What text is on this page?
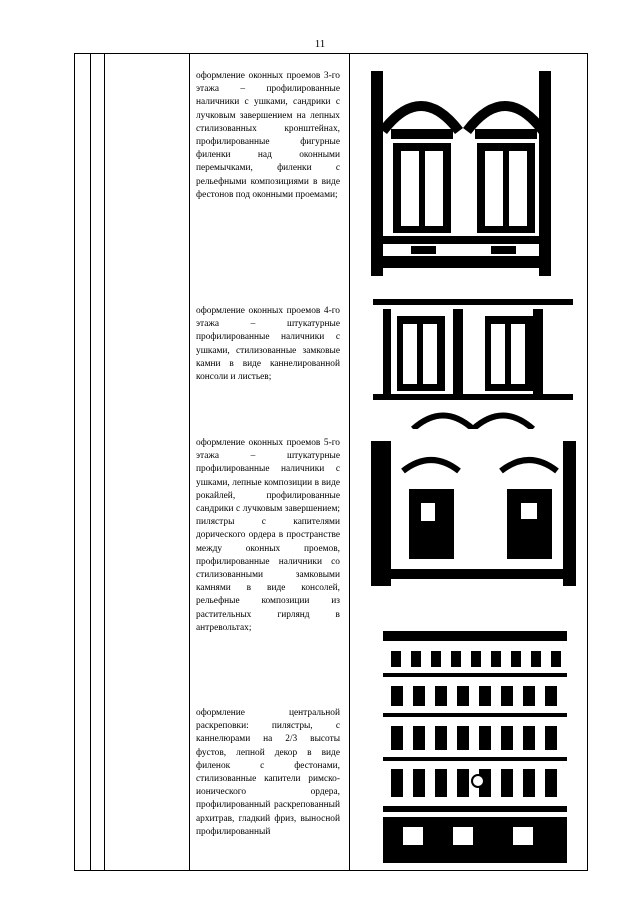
11
оформление оконных проемов 3-го этажа – профилированные наличники с ушками, сандрики с лучковым завершением на лепных стилизованных кронштейнах, профилированные фигурные филенки над оконными перемычками, филенки с рельефными композициями в виде фестонов под оконными проемами;
оформление оконных проемов 4-го этажа – штукатурные профилированные наличники с ушками, стилизованные замковые камни в виде каннелированной консоли и листьев;
оформление оконных проемов 5-го этажа – штукатурные профилированные наличники с ушками, лепные композиции в виде рокайлей, профилированные сандрики с лучковым завершением; пилястры с капителями дорического ордера в пространстве между оконных проемов, профилированные наличники со стилизованными замковыми камнями в виде консолей, рельефные композиции из растительных гирлянд в антревольтах;
оформление центральной раскреповки: пилястры, с каннелюрами на 2/3 высоты фустов, лепной декор в виде филенок с фестонами, стилизованные капители римско-ионического ордера, профилированный раскрепованный архитрав, гладкий фриз, выносной профилированный
